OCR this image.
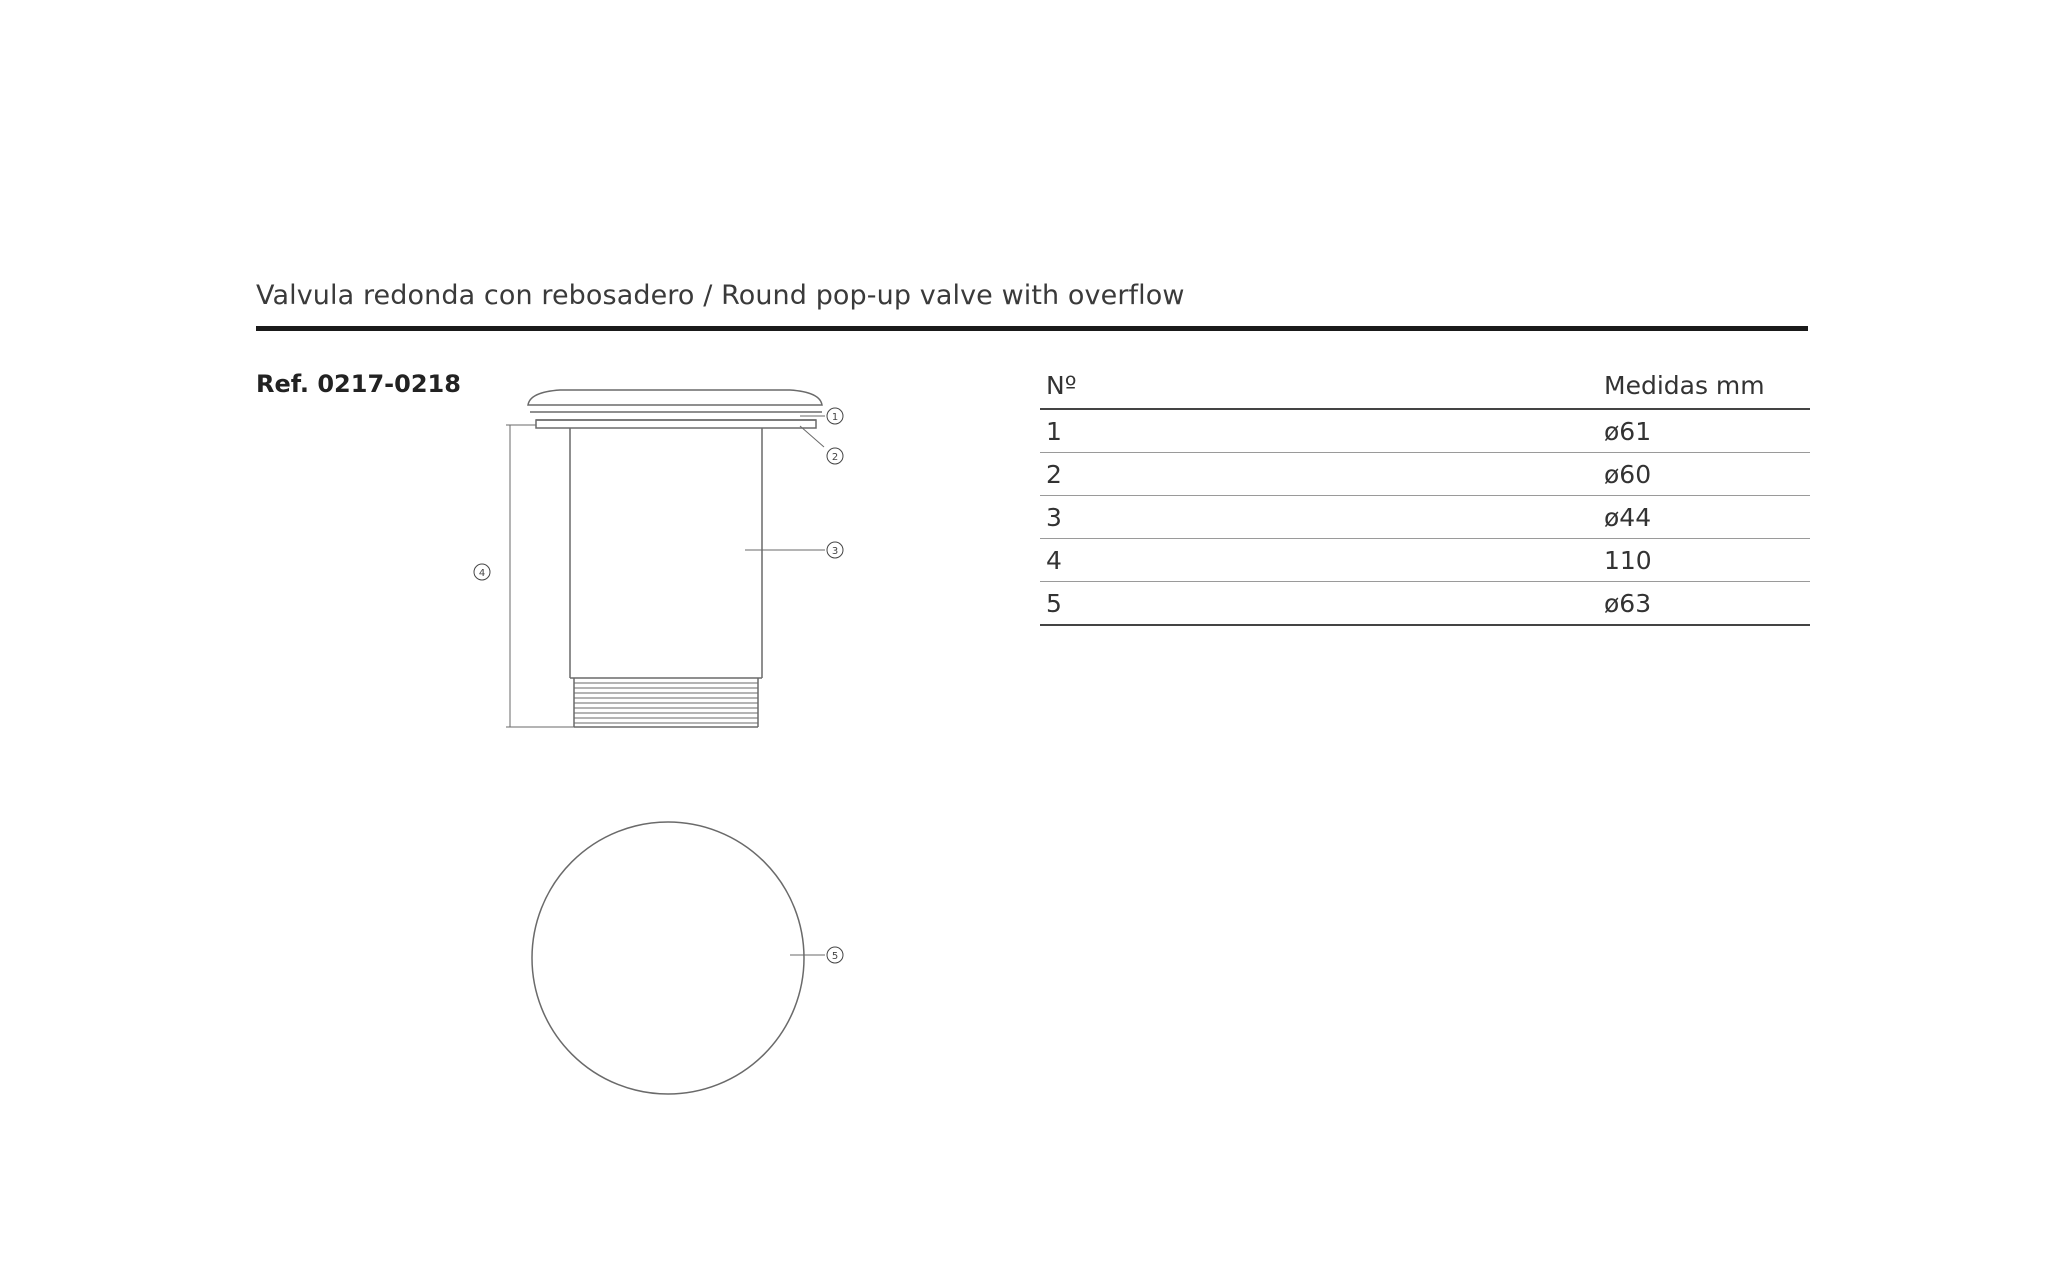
Valvula redonda con rebosadero / Round pop-up valve with overflow
Ref. 0217-0218
1
2
3
4
5
Nº	Medidas mm
1	ø61
2	ø60
3	ø44
4	110
5	ø63
